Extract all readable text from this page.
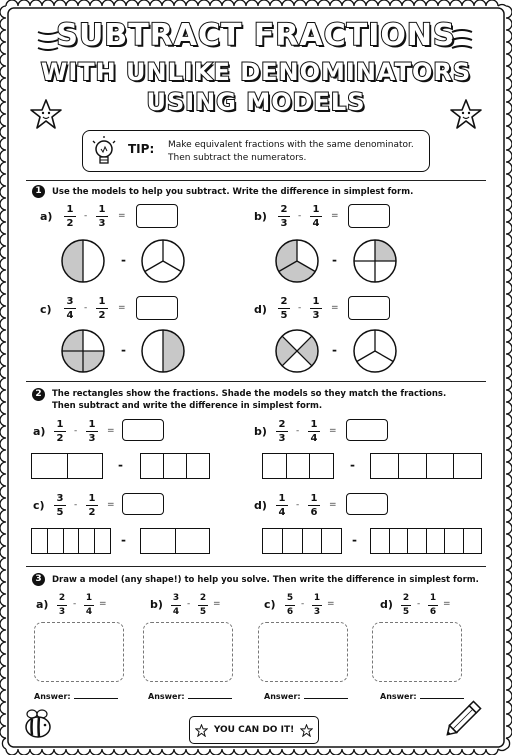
SUBTRACT FRACTIONS
WITH UNLIKE DENOMINATORS
USING MODELS
TIP: Make equivalent fractions with the same denominator.
Then subtract the numerators.
1	Use the models to help you subtract. Write the difference in simplest form.
a)
1
2
-
1
3
=
-
b)
2
3
-
1
4
=
-
c)
3
4
-
1
2
=
-
d)
2
5
-
1
3
=
-
2	The rectangles show the fractions. Shade the models so they match the fractions.
Then subtract and write the difference in simplest form.
a)
1
2
-
1
3
=
-
b)
2
3
-
1
4
=
-
c)
3
5
-
1
2
=
-
d)
1
4
-
1
6
=
-
3	Draw a model (any shape!) to help you solve. Then write the difference in simplest form.
a) 2
3
-
1
4
=
Answer:
b) 3
4
-
2
5
=
Answer:
c) 5
6
-
1
3
=
Answer:
d) 2
5
-
1
6
=
Answer:
YOU CAN DO IT!
